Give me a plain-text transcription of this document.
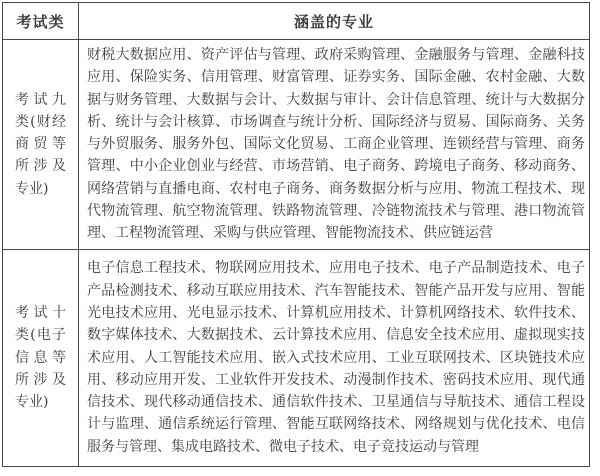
考试类	涵盖的专业
考试九类(财经商贸等所涉及专业)	财税大数据应用、资产评估与管理、政府采购管理、金融服务与管理、金融科技应用、保险实务、信用管理、财富管理、证券实务、国际金融、农村金融、大数据与财务管理、大数据与会计、大数据与审计、会计信息管理、统计与大数据分析、统计与会计核算、市场调查与统计分析、国际经济与贸易、国际商务、关务与外贸服务、服务外包、国际文化贸易、工商企业管理、连锁经营与管理、商务管理、中小企业创业与经营、市场营销、电子商务、跨境电子商务、移动商务、网络营销与直播电商、农村电子商务、商务数据分析与应用、物流工程技术、现代物流管理、航空物流管理、铁路物流管理、冷链物流技术与管理、港口物流管理、工程物流管理、采购与供应管理、智能物流技术、供应链运营
考试十类(电子信息等所涉及专业)	电子信息工程技术、物联网应用技术、应用电子技术、电子产品制造技术、电子产品检测技术、移动互联应用技术、汽车智能技术、智能产品开发与应用、智能光电技术应用、光电显示技术、计算机应用技术、计算机网络技术、软件技术、数字媒体技术、大数据技术、云计算技术应用、信息安全技术应用、虚拟现实技术应用、人工智能技术应用、嵌入式技术应用、工业互联网技术、区块链技术应用、移动应用开发、工业软件开发技术、动漫制作技术、密码技术应用、现代通信技术、现代移动通信技术、通信软件技术、卫星通信与导航技术、通信工程设计与监理、通信系统运行管理、智能互联网络技术、网络规划与优化技术、电信服务与管理、集成电路技术、微电子技术、电子竞技运动与管理
